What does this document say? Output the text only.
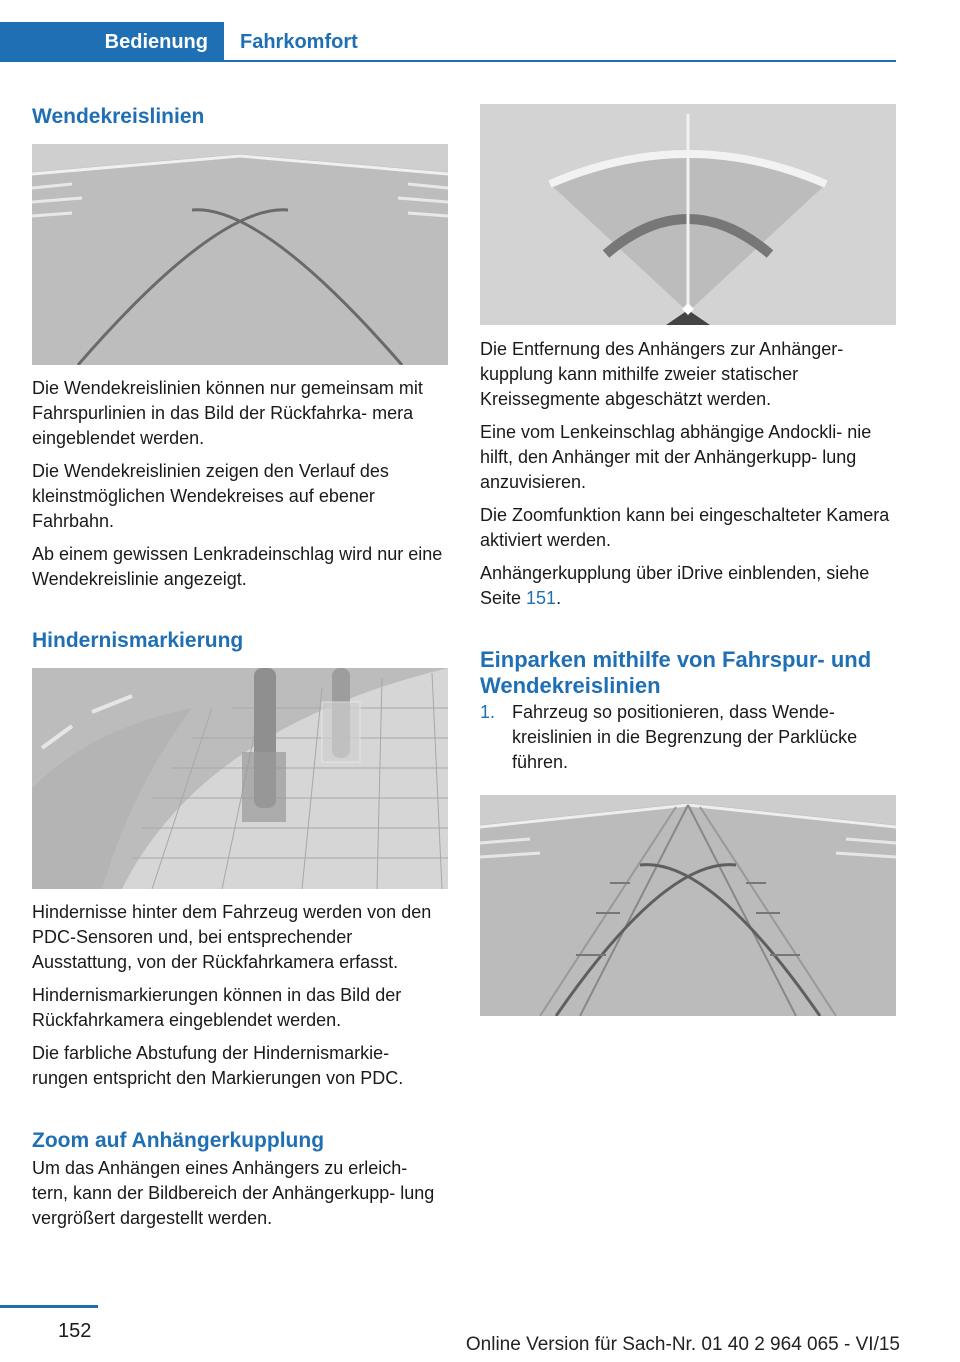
Bedienung	Fahrkomfort
Wendekreislinien

Die Wendekreislinien können nur gemeinsam mit Fahrspurlinien in das Bild der Rückfahrka‐ mera eingeblendet werden.

Die Wendekreislinien zeigen den Verlauf des kleinstmöglichen Wendekreises auf ebener Fahrbahn.

Ab einem gewissen Lenkradeinschlag wird nur eine Wendekreislinie angezeigt.

Hindernismarkierung

Hindernisse hinter dem Fahrzeug werden von den PDC-Sensoren und, bei entsprechender Ausstattung, von der Rückfahrkamera erfasst.

Hindernismarkierungen können in das Bild der Rückfahrkamera eingeblendet werden.

Die farbliche Abstufung der Hindernismarkie‐ rungen entspricht den Markierungen von PDC.

Zoom auf Anhängerkupplung

Um das Anhängen eines Anhängers zu erleich‐ tern, kann der Bildbereich der Anhängerkupp‐ lung vergrößert dargestellt werden.

Die Entfernung des Anhängers zur Anhänger‐ kupplung kann mithilfe zweier statischer Kreissegmente abgeschätzt werden.

Eine vom Lenkeinschlag abhängige Andockli‐ nie hilft, den Anhänger mit der Anhängerkupp‐ lung anzuvisieren.

Die Zoomfunktion kann bei eingeschalteter Kamera aktiviert werden.

Anhängerkupplung über iDrive einblenden, siehe Seite 151.

Einparken mithilfe von Fahrspur- und Wendekreislinien
1. Fahrzeug so positionieren, dass Wende‐ kreislinien in die Begrenzung der Parklücke führen.
152
Online Version für Sach-Nr. 01 40 2 964 065 - VI/15
